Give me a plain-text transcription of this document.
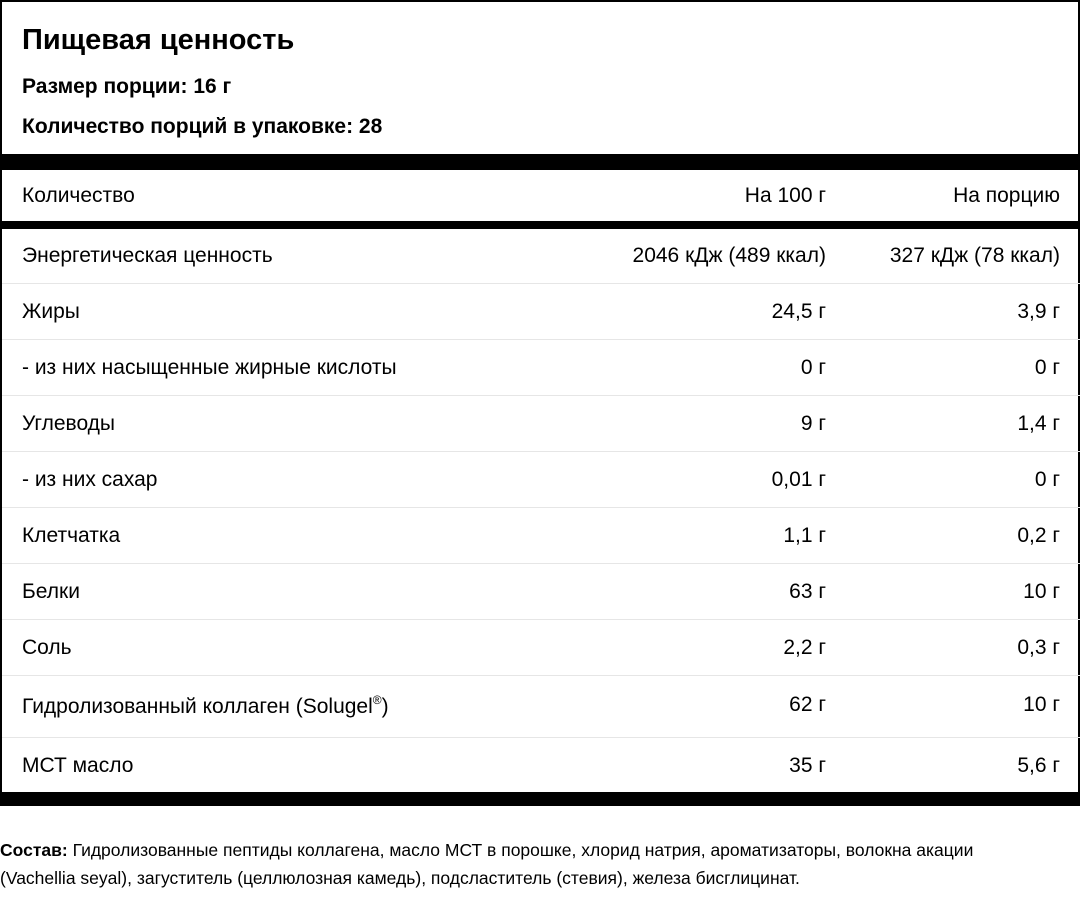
Пищевая ценность
Размер порции: 16 г
Количество порций в упаковке: 28
Количество	На 100 г	На порцию
Энергетическая ценность	2046 кДж (489 ккал)	327 кДж (78 ккал)
Жиры	24,5 г	3,9 г
- из них насыщенные жирные кислоты	0 г	0 г
Углеводы	9 г	1,4 г
- из них сахар	0,01 г	0 г
Клетчатка	1,1 г	0,2 г
Белки	63 г	10 г
Соль	2,2 г	0,3 г
Гидролизованный коллаген (Solugel®)	62 г	10 г
МСТ масло	35 г	5,6 г
Состав: Гидролизованные пептиды коллагена, масло МСТ в порошке, хлорид натрия, ароматизаторы, волокна акации (Vachellia seyal), загуститель (целлюлозная камедь), подсластитель (стевия), железа бисглицинат.
